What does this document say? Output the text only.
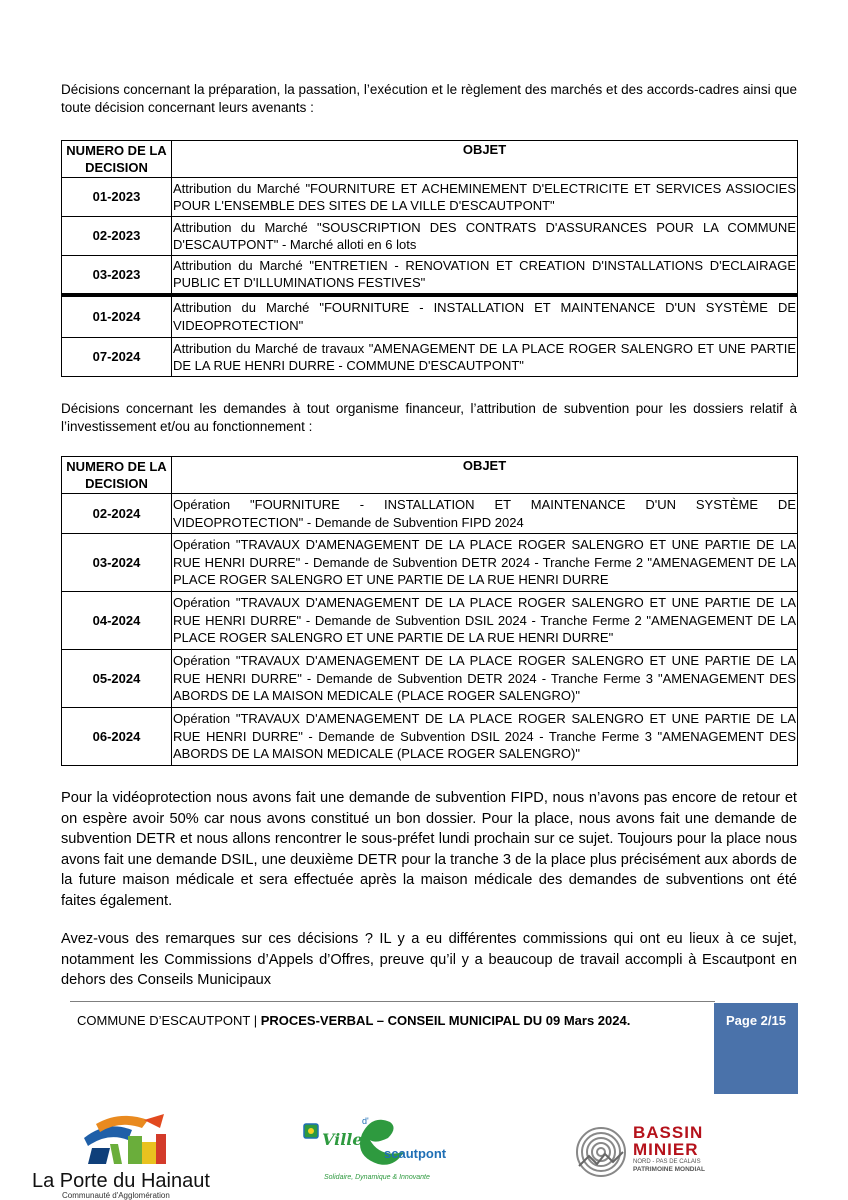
Décisions concernant la préparation, la passation, l’exécution et le règlement des marchés et des accords-cadres ainsi que toute décision concernant leurs avenants :
NUMERO DE LA DECISION	OBJET
01-2023	Attribution du Marché "FOURNITURE ET ACHEMINEMENT D'ELECTRICITE ET SERVICES ASSIOCIES POUR L'ENSEMBLE DES SITES DE LA VILLE D'ESCAUTPONT"
02-2023	Attribution du Marché "SOUSCRIPTION DES CONTRATS D'ASSURANCES POUR LA COMMUNE D'ESCAUTPONT" - Marché alloti en 6 lots
03-2023	Attribution du Marché "ENTRETIEN - RENOVATION ET CREATION D'INSTALLATIONS D'ECLAIRAGE PUBLIC ET D'ILLUMINATIONS FESTIVES"
01-2024	Attribution du Marché "FOURNITURE - INSTALLATION ET MAINTENANCE D'UN SYSTÈME DE VIDEOPROTECTION"
07-2024	Attribution du Marché de travaux "AMENAGEMENT DE LA PLACE ROGER SALENGRO ET UNE PARTIE DE LA RUE HENRI DURRE - COMMUNE D'ESCAUTPONT"
Décisions concernant les demandes à tout organisme financeur, l’attribution de subvention pour les dossiers relatif à l’investissement et/ou au fonctionnement :
NUMERO DE LA DECISION	OBJET
02-2024	Opération "FOURNITURE - INSTALLATION ET MAINTENANCE D'UN SYSTÈME DE VIDEOPROTECTION" - Demande de Subvention FIPD 2024
03-2024	Opération "TRAVAUX D'AMENAGEMENT DE LA PLACE ROGER SALENGRO ET UNE PARTIE DE LA RUE HENRI DURRE" - Demande de Subvention DETR 2024 - Tranche Ferme 2 "AMENAGEMENT DE LA PLACE ROGER SALENGRO ET UNE PARTIE DE LA RUE HENRI DURRE
04-2024	Opération "TRAVAUX D'AMENAGEMENT DE LA PLACE ROGER SALENGRO ET UNE PARTIE DE LA RUE HENRI DURRE" - Demande de Subvention DSIL 2024 - Tranche Ferme 2 "AMENAGEMENT DE LA PLACE ROGER SALENGRO ET UNE PARTIE DE LA RUE HENRI DURRE"
05-2024	Opération "TRAVAUX D'AMENAGEMENT DE LA PLACE ROGER SALENGRO ET UNE PARTIE DE LA RUE HENRI DURRE" - Demande de Subvention DETR 2024 - Tranche Ferme 3 "AMENAGEMENT DES ABORDS DE LA MAISON MEDICALE (PLACE ROGER SALENGRO)"
06-2024	Opération "TRAVAUX D'AMENAGEMENT DE LA PLACE ROGER SALENGRO ET UNE PARTIE DE LA RUE HENRI DURRE" - Demande de Subvention DSIL 2024 - Tranche Ferme 3 "AMENAGEMENT DES ABORDS DE LA MAISON MEDICALE (PLACE ROGER SALENGRO)"
Pour la vidéoprotection nous avons fait une demande de subvention FIPD, nous n’avons pas encore de retour et on espère avoir 50% car nous avons constitué un bon dossier. Pour la place, nous avons fait une demande de subvention DETR et nous allons rencontrer le sous-préfet lundi prochain sur ce sujet. Toujours pour la place nous avons fait une demande DSIL, une deuxième DETR pour la tranche 3 de la place plus précisément aux abords de la future maison médicale et sera effectuée après la maison médicale des demandes de subventions ont été faites également.
Avez-vous des remarques sur ces décisions ? IL y a eu différentes commissions qui ont eu lieux à ce sujet, notamment les Commissions d’Appels d’Offres, preuve qu’il y a beaucoup de travail accompli à Escautpont en dehors des Conseils Municipaux
COMMUNE D’ESCAUTPONT | PROCES-VERBAL – CONSEIL MUNICIPAL DU 09 Mars 2024.	Page 2/15
La Porte du Hainaut
Communauté d'Agglomération
Ville
d'
scautpont
Solidaire, Dynamique & Innovante
BASSIN
MINIER
NORD - PAS DE CALAIS
PATRIMOINE MONDIAL
